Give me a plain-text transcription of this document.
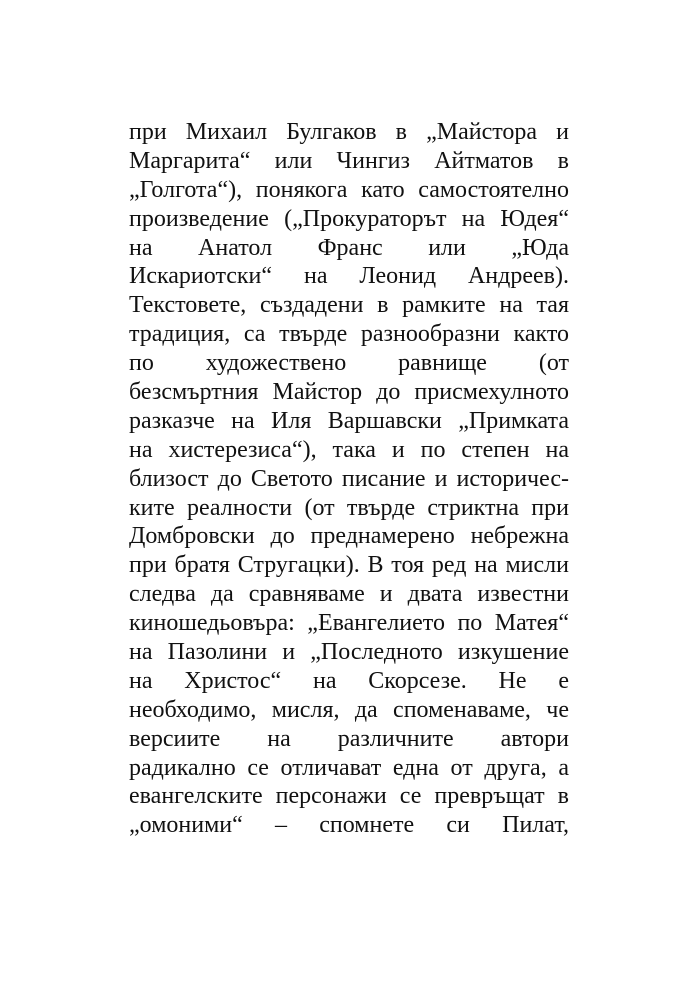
при Михаил Булгаков в „Майстора и
Маргарита“ или Чингиз Айтматов в
„Голгота“), понякога като самостоятелно
произведение („Прокураторът на Юдея“
на Анатол Франс или „Юда
Искариотски“ на Леонид Андреев).
Текстовете, създадени в рамките на тая
традиция, са твърде разнообразни както
по художествено равнище (от
безсмъртния Майстор до присмехулното
разказче на Иля Варшавски „Примката
на хистерезиса“), така и по степен на
близост до Светото писание и историчес-
ките реалности (от твърде стриктна при
Домбровски до преднамерено небрежна
при братя Стругацки). В тоя ред на мисли
следва да сравняваме и двата известни
киношедьовъра: „Евангелието по Матея“
на Пазолини и „Последното изкушение
на Христос“ на Скорсезе. Не е
необходимо, мисля, да споменаваме, че
версиите на различните автори
радикално се отличават една от друга, а
евангелските персонажи се превръщат в
„омоними“ – спомнете си Пилат,
